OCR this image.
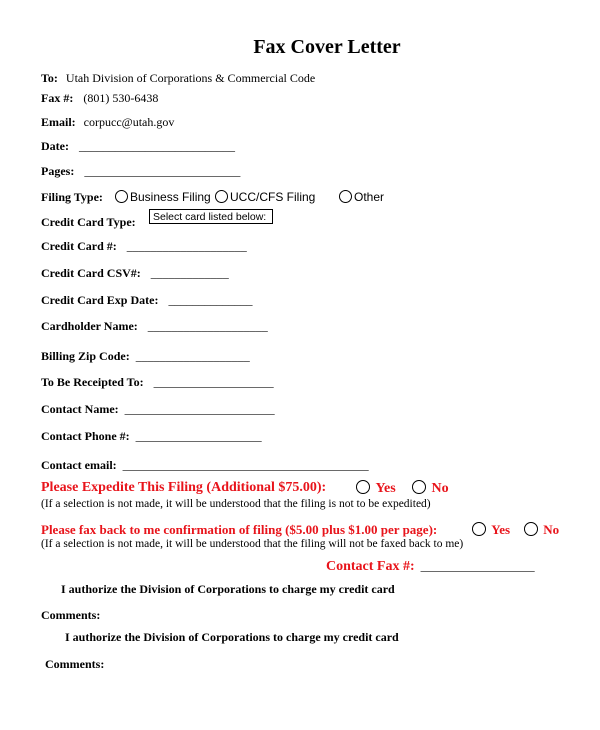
Fax Cover Letter
To: Utah Division of Corporations & Commercial Code
Fax #: (801) 530-6438
Email: corpucc@utah.gov
Date: __________________________
Pages: __________________________
Filing Type:	Business Filing	UCC/CFS Filing	Other
Credit Card Type:	Select card listed below:
Credit Card #: ____________________
Credit Card CSV#: _____________
Credit Card Exp Date: ______________
Cardholder Name: ____________________
Billing Zip Code: ___________________
To Be Receipted To: ____________________
Contact Name: _________________________
Contact Phone #: _____________________
Contact email: _________________________________________
Please Expedite This Filing (Additional $75.00):	Yes	No
(If a selection is not made, it will be understood that the filing is not to be expedited)
Please fax back to me confirmation of filing ($5.00 plus $1.00 per page):	Yes	No
(If a selection is not made, it will be understood that the filing will not be faxed back to me)
Contact Fax #: ___________________
I authorize the Division of Corporations to charge my credit card
Comments:
I authorize the Division of Corporations to charge my credit card
Comments:
